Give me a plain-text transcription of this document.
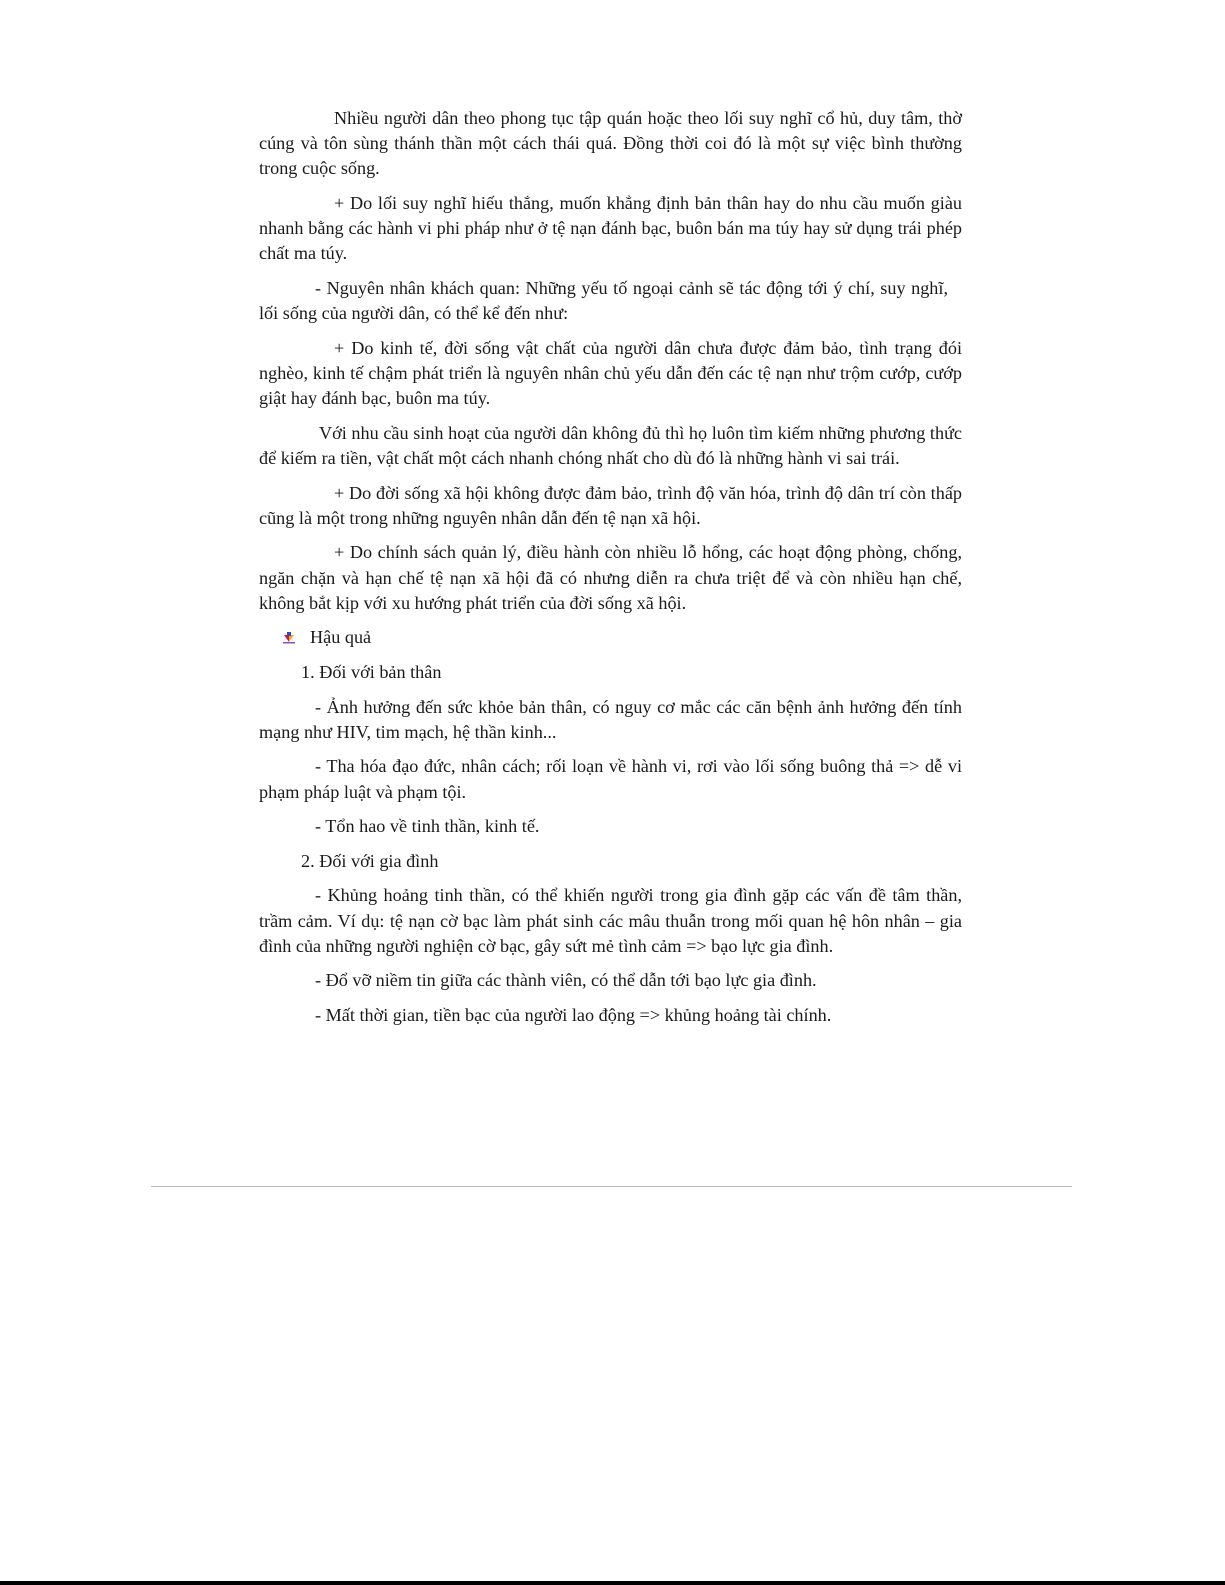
Nhiều người dân theo phong tục tập quán hoặc theo lối suy nghĩ cổ hủ, duy tâm, thờ cúng và tôn sùng thánh thần một cách thái quá. Đồng thời coi đó là một sự việc bình thường trong cuộc sống.

+ Do lối suy nghĩ hiếu thắng, muốn khẳng định bản thân hay do nhu cầu muốn giàu nhanh bằng các hành vi phi pháp như ở tệ nạn đánh bạc, buôn bán ma túy hay sử dụng trái phép chất ma túy.

- Nguyên nhân khách quan: Những yếu tố ngoại cảnh sẽ tác động tới ý chí, suy nghĩ, lối sống của người dân, có thể kể đến như:

+ Do kinh tế, đời sống vật chất của người dân chưa được đảm bảo, tình trạng đói nghèo, kinh tế chậm phát triển là nguyên nhân chủ yếu dẫn đến các tệ nạn như trộm cướp, cướp giật hay đánh bạc, buôn ma túy.

Với nhu cầu sinh hoạt của người dân không đủ thì họ luôn tìm kiếm những phương thức để kiếm ra tiền, vật chất một cách nhanh chóng nhất cho dù đó là những hành vi sai trái.

+ Do đời sống xã hội không được đảm bảo, trình độ văn hóa, trình độ dân trí còn thấp cũng là một trong những nguyên nhân dẫn đến tệ nạn xã hội.

+ Do chính sách quản lý, điều hành còn nhiều lỗ hổng, các hoạt động phòng, chống, ngăn chặn và hạn chế tệ nạn xã hội đã có nhưng diễn ra chưa triệt để và còn nhiều hạn chế, không bắt kịp với xu hướng phát triển của đời sống xã hội.

Hậu quả

1. Đối với bản thân

- Ảnh hưởng đến sức khỏe bản thân, có nguy cơ mắc các căn bệnh ảnh hưởng đến tính mạng như HIV, tim mạch, hệ thần kinh...

- Tha hóa đạo đức, nhân cách; rối loạn về hành vi, rơi vào lối sống buông thả => dễ vi phạm pháp luật và phạm tội.

- Tổn hao về tinh thần, kinh tế.

2. Đối với gia đình

- Khủng hoảng tinh thần, có thể khiến người trong gia đình gặp các vấn đề tâm thần, trầm cảm. Ví dụ: tệ nạn cờ bạc làm phát sinh các mâu thuẫn trong mối quan hệ hôn nhân – gia đình của những người nghiện cờ bạc, gây sứt mẻ tình cảm => bạo lực gia đình.

- Đổ vỡ niềm tin giữa các thành viên, có thể dẫn tới bạo lực gia đình.

- Mất thời gian, tiền bạc của người lao động => khủng hoảng tài chính.
